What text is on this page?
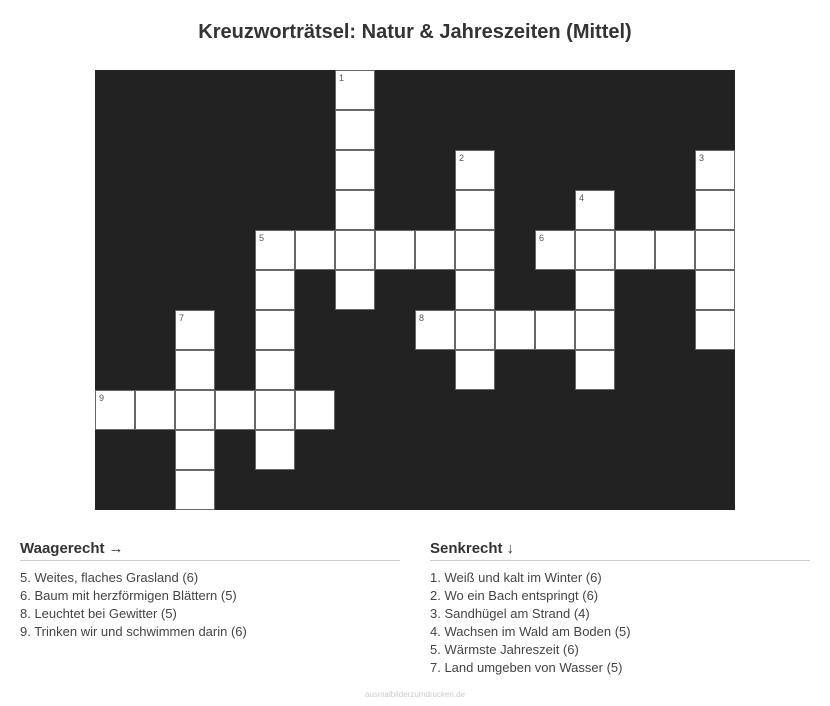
Kreuzworträtsel: Natur & Jahreszeiten (Mittel)
1
2	3
4
5	6
7	8
9
Waagerecht →
5. Weites, flaches Grasland (6)
6. Baum mit herzförmigen Blättern (5)
8. Leuchtet bei Gewitter (5)
9. Trinken wir und schwimmen darin (6)
Senkrecht ↓
1. Weiß und kalt im Winter (6)
2. Wo ein Bach entspringt (6)
3. Sandhügel am Strand (4)
4. Wachsen im Wald am Boden (5)
5. Wärmste Jahreszeit (6)
7. Land umgeben von Wasser (5)
ausmalbilderzumdrucken.de
